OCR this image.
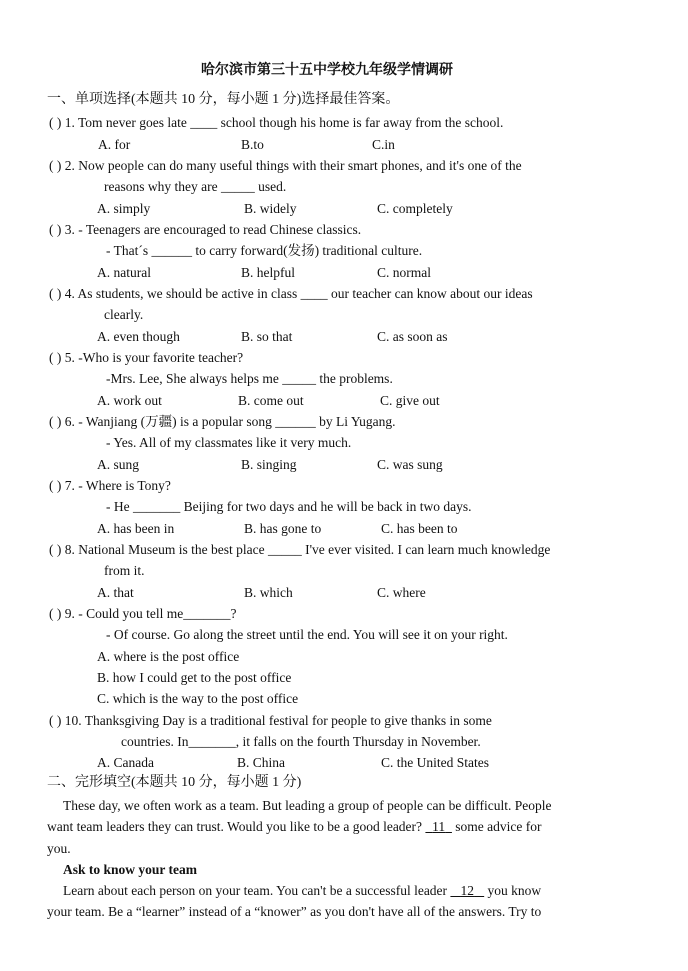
哈尔滨市第三十五中学校九年级学情调研
一、单项选择(本题共 10 分，每小题 1 分)选择最佳答案。
( ) 1. Tom never goes late ____ school though his home is far away from the school.
A. for	B.to	C.in
( ) 2. Now people can do many useful things with their smart phones, and it's one of the
reasons why they are _____ used.
A. simply	B. widely	C. completely
( ) 3. - Teenagers are encouraged to read Chinese classics.
- That´s ______ to carry forward(发扬) traditional culture.
A. natural	B. helpful	C. normal
( ) 4. As students, we should be active in class ____ our teacher can know about our ideas
clearly.
A. even though	B. so that	C. as soon as
( ) 5. -Who is your favorite teacher?
-Mrs. Lee, She always helps me _____ the problems.
A. work out	B. come out	C. give out
( ) 6. - Wanjiang (万疆) is a popular song ______ by Li Yugang.
- Yes. All of my classmates like it very much.
A. sung	B. singing	C. was sung
( ) 7. - Where is Tony?
- He _______ Beijing for two days and he will be back in two days.
A. has been in	B. has gone to	C. has been to
( ) 8. National Museum is the best place _____ I've ever visited. I can learn much knowledge
from it.
A. that	B. which	C. where
( ) 9. - Could you tell me_______?
- Of course. Go along the street until the end. You will see it on your right.
A. where is the post office
B. how I could get to the post office
C. which is the way to the post office
( ) 10. Thanksgiving Day is a traditional festival for people to give thanks in some
countries. In_______, it falls on the fourth Thursday in November.
A. Canada	B. China	C. the United States
二、完形填空(本题共 10 分，每小题 1 分)
These day, we often work as a team. But leading a group of people can be difficult. People
want team leaders they can trust. Would you like to be a good leader? 11 some advice for
you.
Ask to know your team
Learn about each person on your team. You can't be a successful leader 12 you know
your team. Be a “learner” instead of a “knower” as you don't have all of the answers. Try to
